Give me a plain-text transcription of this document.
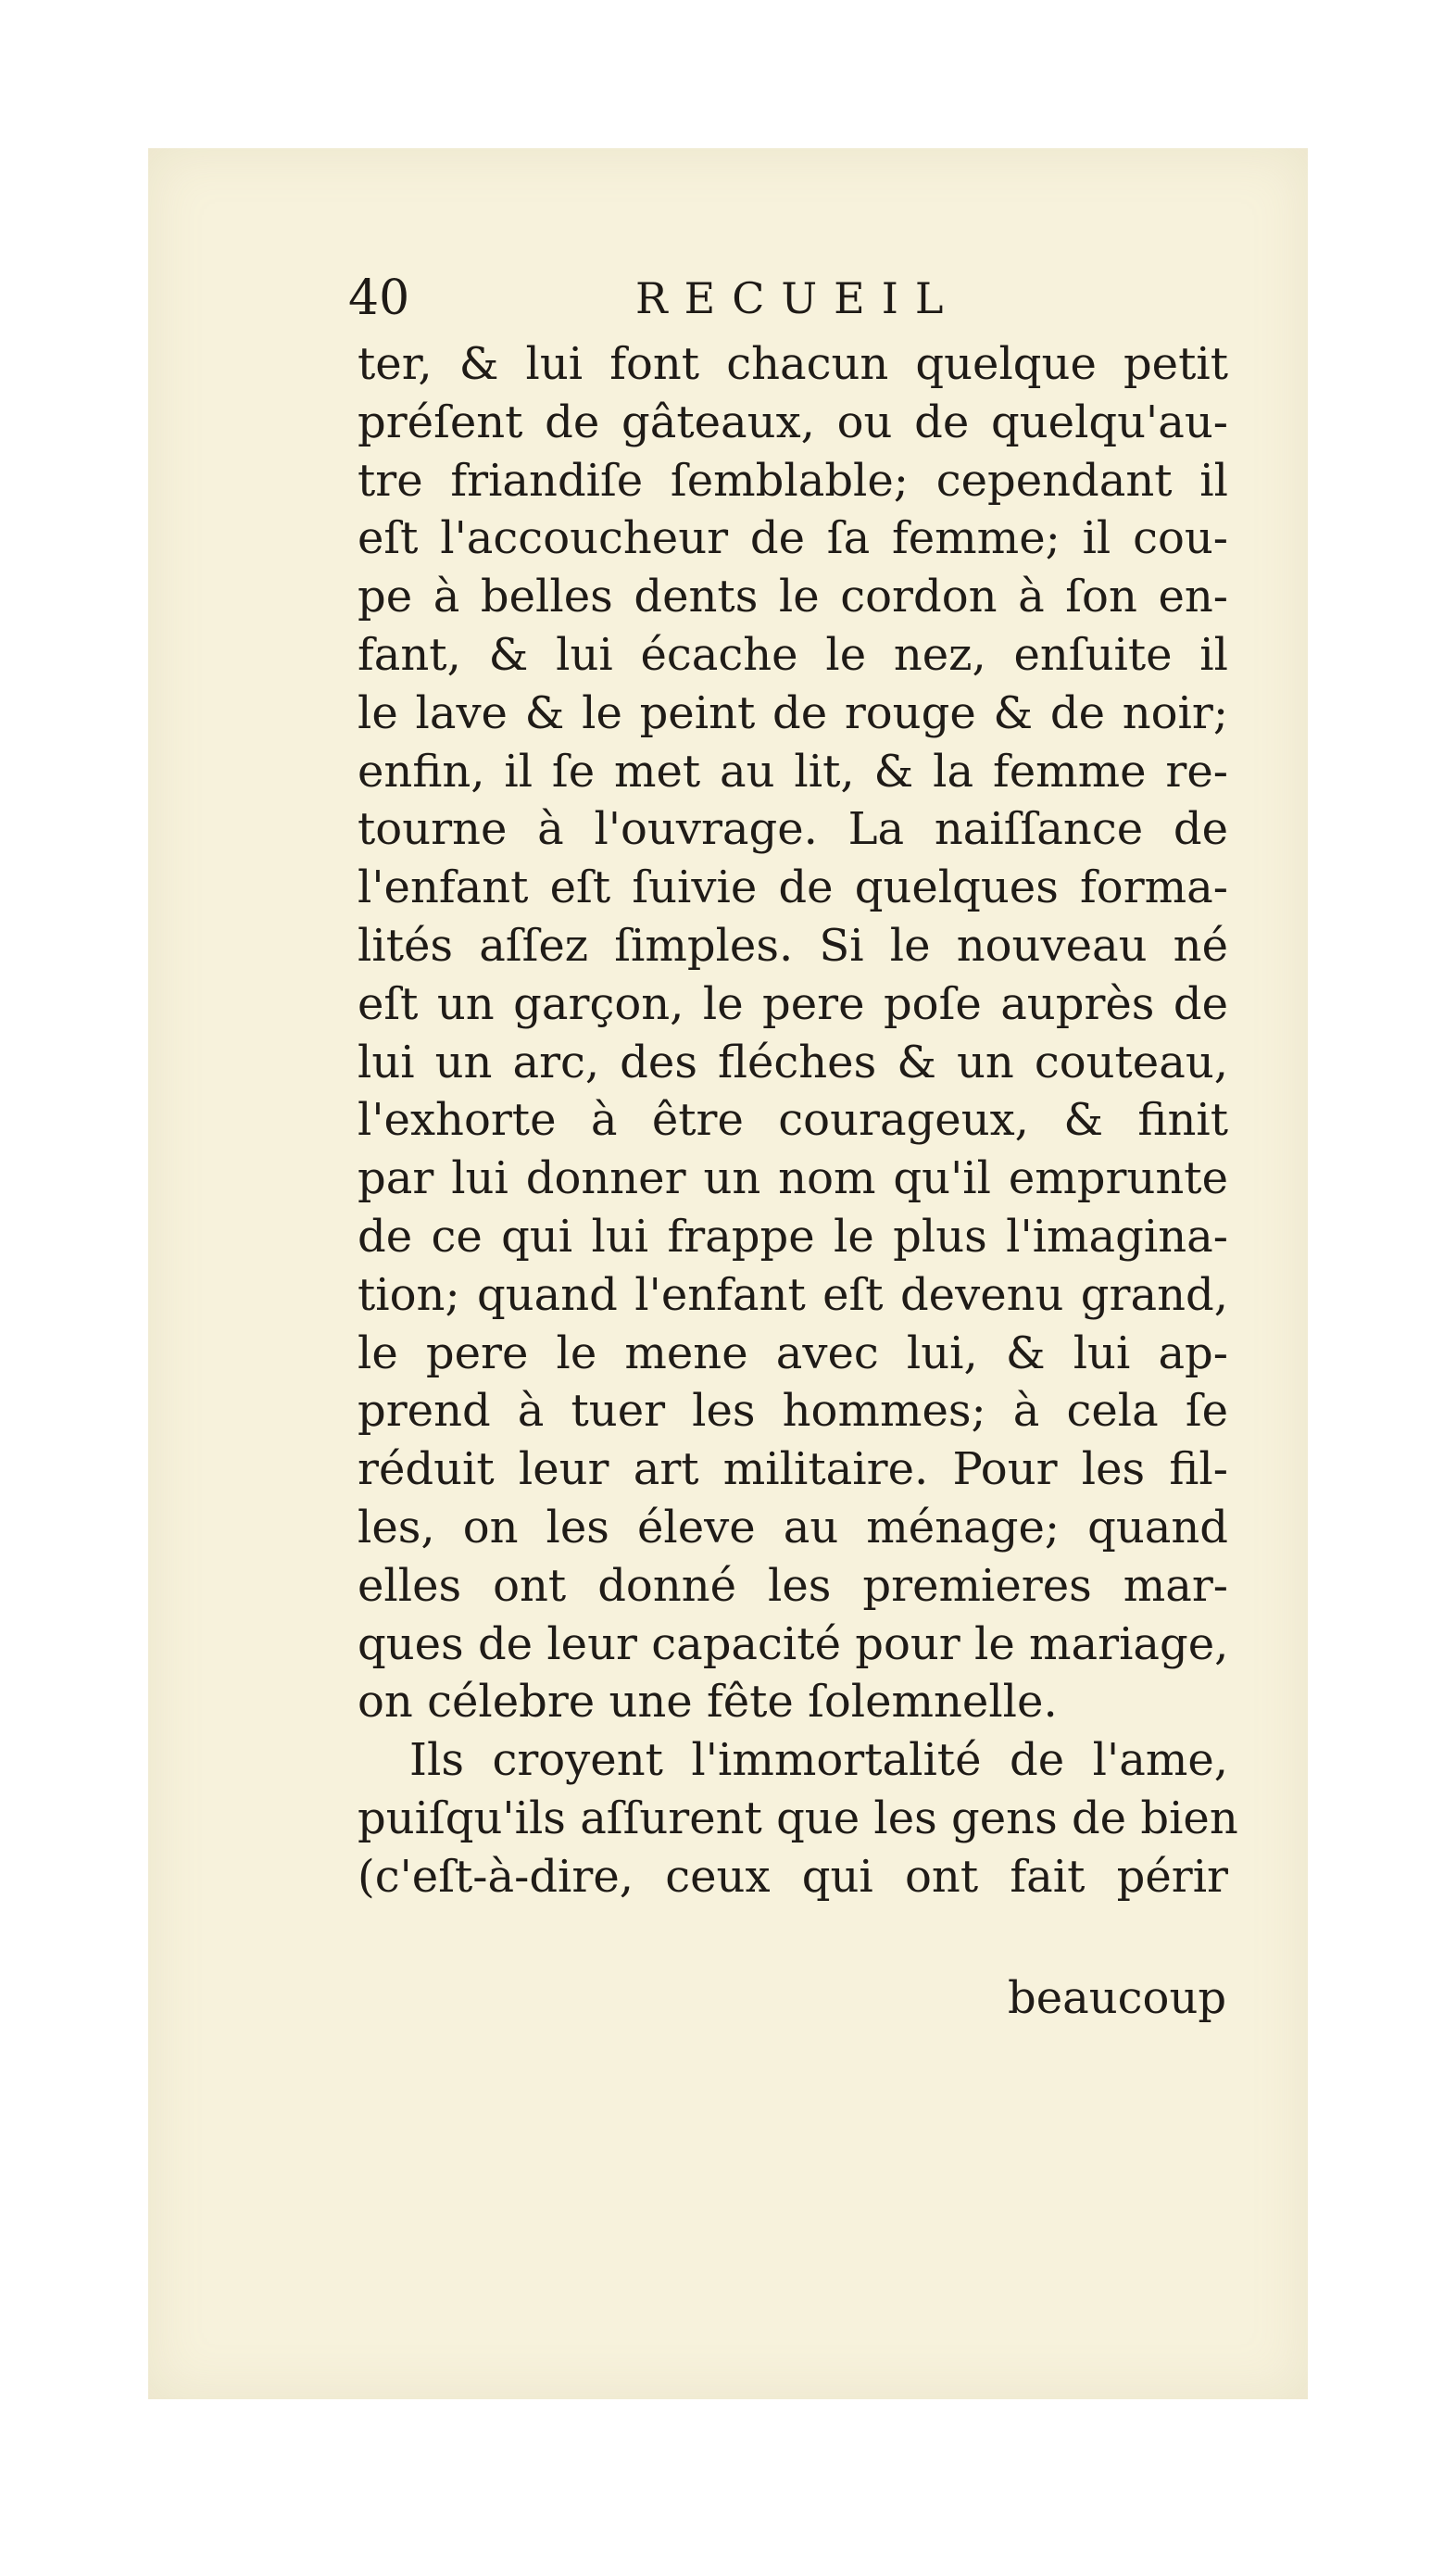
40	RECUEIL
ter, & lui font chacun quelque petit
préſent de gâteaux, ou de quelqu'au-
tre friandiſe ſemblable; cependant il
eſt l'accoucheur de ſa femme; il cou-
pe à belles dents le cordon à ſon en-
fant, & lui écache le nez, enſuite il
le lave & le peint de rouge & de noir;
enfin, il ſe met au lit, & la femme re-
tourne à l'ouvrage. La naiſſance de
l'enfant eſt ſuivie de quelques forma-
lités aſſez ſimples. Si le nouveau né
eſt un garçon, le pere poſe auprès de
lui un arc, des fléches & un couteau,
l'exhorte à être courageux, & finit
par lui donner un nom qu'il emprunte
de ce qui lui frappe le plus l'imagina-
tion; quand l'enfant eſt devenu grand,
le pere le mene avec lui, & lui ap-
prend à tuer les hommes; à cela ſe
réduit leur art militaire. Pour les fil-
les, on les éleve au ménage; quand
elles ont donné les premieres mar-
ques de leur capacité pour le mariage,
on célebre une fête ſolemnelle.
Ils croyent l'immortalité de l'ame,
puiſqu'ils aſſurent que les gens de bien
(c'eſt-à-dire, ceux qui ont fait périr
beaucoup
